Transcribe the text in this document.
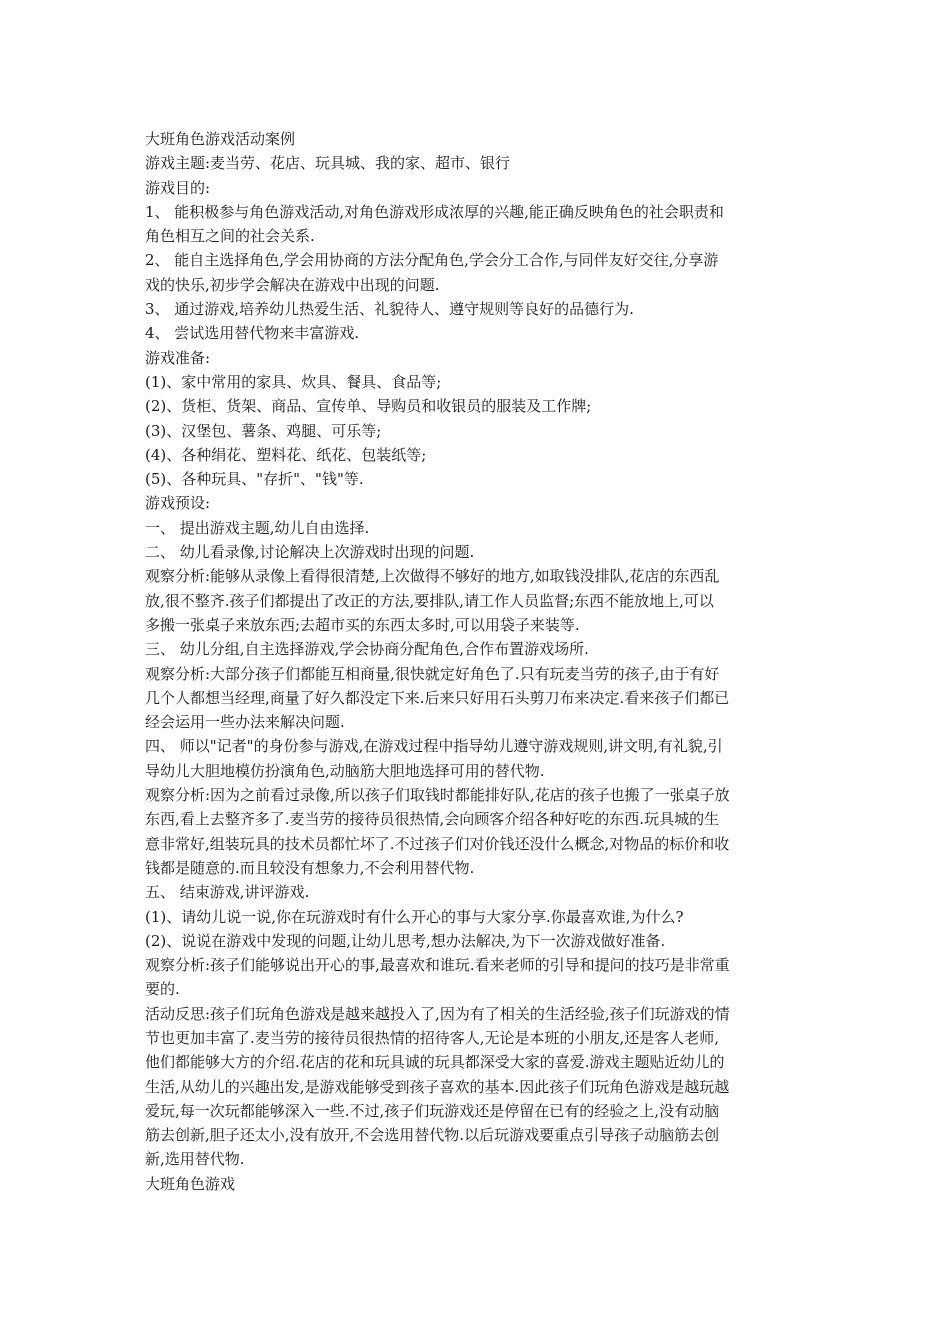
大班角色游戏活动案例
游戏主题:麦当劳、花店、玩具城、我的家、超市、银行
游戏目的:
1、 能积极参与角色游戏活动,对角色游戏形成浓厚的兴趣,能正确反映角色的社会职责和
角色相互之间的社会关系.
2、 能自主选择角色,学会用协商的方法分配角色,学会分工合作,与同伴友好交往,分享游
戏的快乐,初步学会解决在游戏中出现的问题.
3、 通过游戏,培养幼儿热爱生活、礼貌待人、遵守规则等良好的品德行为.
4、 尝试选用替代物来丰富游戏.
游戏准备:
(1)、家中常用的家具、炊具、餐具、食品等;
(2)、货柜、货架、商品、宣传单、导购员和收银员的服装及工作牌;
(3)、汉堡包、薯条、鸡腿、可乐等;
(4)、各种绢花、塑料花、纸花、包装纸等;
(5)、各种玩具、"存折"、"钱"等.
游戏预设:
一、 提出游戏主题,幼儿自由选择.
二、 幼儿看录像,讨论解决上次游戏时出现的问题.
观察分析:能够从录像上看得很清楚,上次做得不够好的地方,如取钱没排队,花店的东西乱
放,很不整齐.孩子们都提出了改正的方法,要排队,请工作人员监督;东西不能放地上,可以
多搬一张桌子来放东西;去超市买的东西太多时,可以用袋子来装等.
三、 幼儿分组,自主选择游戏,学会协商分配角色,合作布置游戏场所.
观察分析:大部分孩子们都能互相商量,很快就定好角色了.只有玩麦当劳的孩子,由于有好
几个人都想当经理,商量了好久都没定下来.后来只好用石头剪刀布来决定.看来孩子们都已
经会运用一些办法来解决问题.
四、 师以"记者"的身份参与游戏,在游戏过程中指导幼儿遵守游戏规则,讲文明,有礼貌,引
导幼儿大胆地模仿扮演角色,动脑筋大胆地选择可用的替代物.
观察分析:因为之前看过录像,所以孩子们取钱时都能排好队,花店的孩子也搬了一张桌子放
东西,看上去整齐多了.麦当劳的接待员很热情,会向顾客介绍各种好吃的东西.玩具城的生
意非常好,组装玩具的技术员都忙坏了.不过孩子们对价钱还没什么概念,对物品的标价和收
钱都是随意的.而且较没有想象力,不会利用替代物.
五、 结束游戏,讲评游戏.
(1)、请幼儿说一说,你在玩游戏时有什么开心的事与大家分享.你最喜欢谁,为什么?
(2)、说说在游戏中发现的问题,让幼儿思考,想办法解决,为下一次游戏做好准备.
观察分析:孩子们能够说出开心的事,最喜欢和谁玩.看来老师的引导和提问的技巧是非常重
要的.
活动反思:孩子们玩角色游戏是越来越投入了,因为有了相关的生活经验,孩子们玩游戏的情
节也更加丰富了.麦当劳的接待员很热情的招待客人,无论是本班的小朋友,还是客人老师,
他们都能够大方的介绍.花店的花和玩具诚的玩具都深受大家的喜爱.游戏主题贴近幼儿的
生活,从幼儿的兴趣出发,是游戏能够受到孩子喜欢的基本.因此孩子们玩角色游戏是越玩越
爱玩,每一次玩都能够深入一些.不过,孩子们玩游戏还是停留在已有的经验之上,没有动脑
筋去创新,胆子还太小,没有放开,不会选用替代物.以后玩游戏要重点引导孩子动脑筋去创
新,选用替代物.
大班角色游戏
